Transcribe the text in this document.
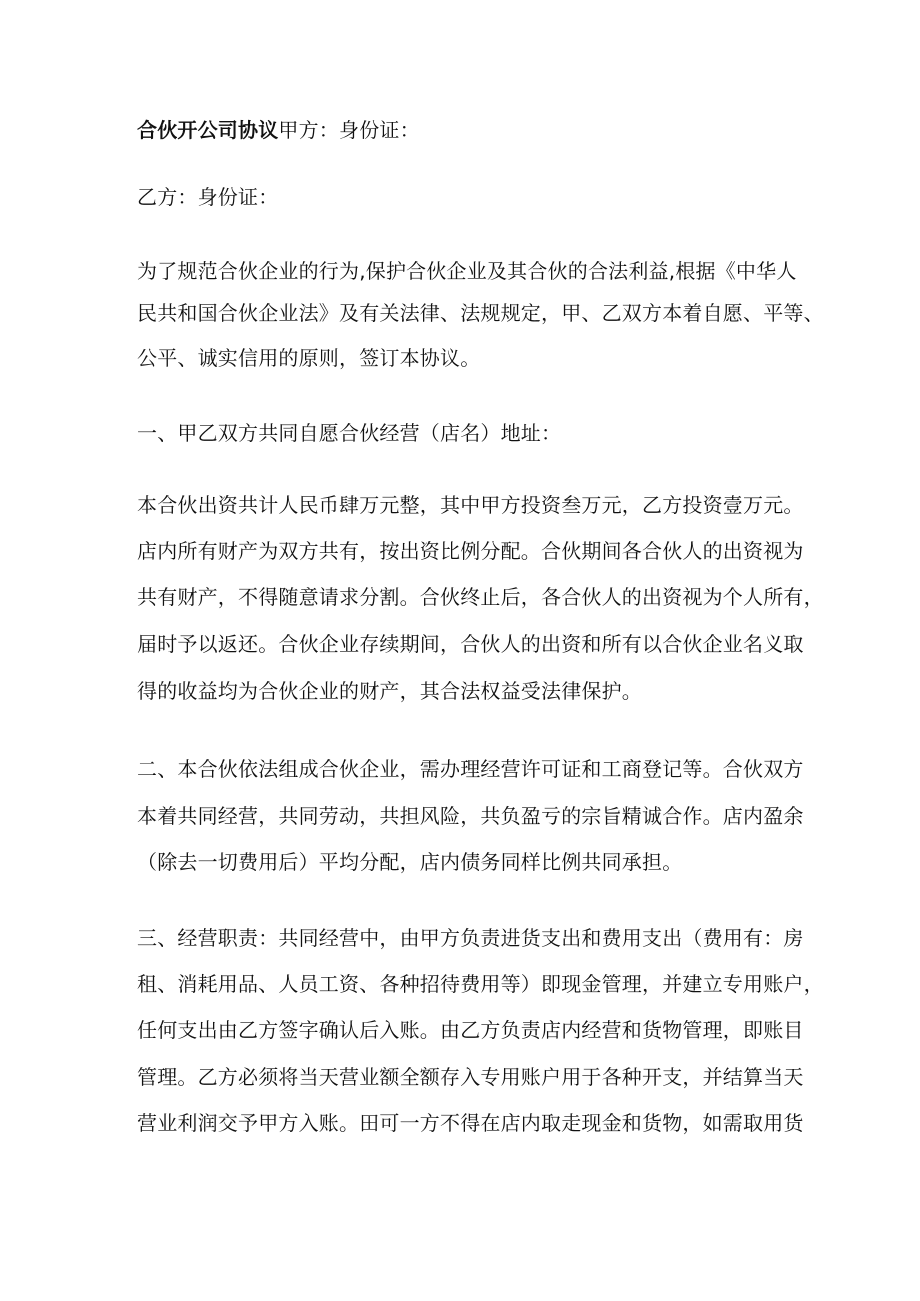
合伙开公司协议甲方：身份证：
乙方：身份证：
为了规范合伙企业的行为,保护合伙企业及其合伙的合法利益,根据《中华人
民共和国合伙企业法》及有关法律、法规规定，甲、乙双方本着自愿、平等、
公平、诚实信用的原则，签订本协议。
一、甲乙双方共同自愿合伙经营（店名）地址：
本合伙出资共计人民币肆万元整，其中甲方投资叁万元，乙方投资壹万元。
店内所有财产为双方共有，按出资比例分配。合伙期间各合伙人的出资视为
共有财产，不得随意请求分割。合伙终止后，各合伙人的出资视为个人所有，
届时予以返还。合伙企业存续期间，合伙人的出资和所有以合伙企业名义取
得的收益均为合伙企业的财产，其合法权益受法律保护。
二、本合伙依法组成合伙企业，需办理经营许可证和工商登记等。合伙双方
本着共同经营，共同劳动，共担风险，共负盈亏的宗旨精诚合作。店内盈余
（除去一切费用后）平均分配，店内债务同样比例共同承担。
三、经营职责：共同经营中，由甲方负责进货支出和费用支出（费用有：房
租、消耗用品、人员工资、各种招待费用等）即现金管理，并建立专用账户，
任何支出由乙方签字确认后入账。由乙方负责店内经营和货物管理，即账目
管理。乙方必须将当天营业额全额存入专用账户用于各种开支，并结算当天
营业利润交予甲方入账。田可一方不得在店内取走现金和货物，如需取用货
